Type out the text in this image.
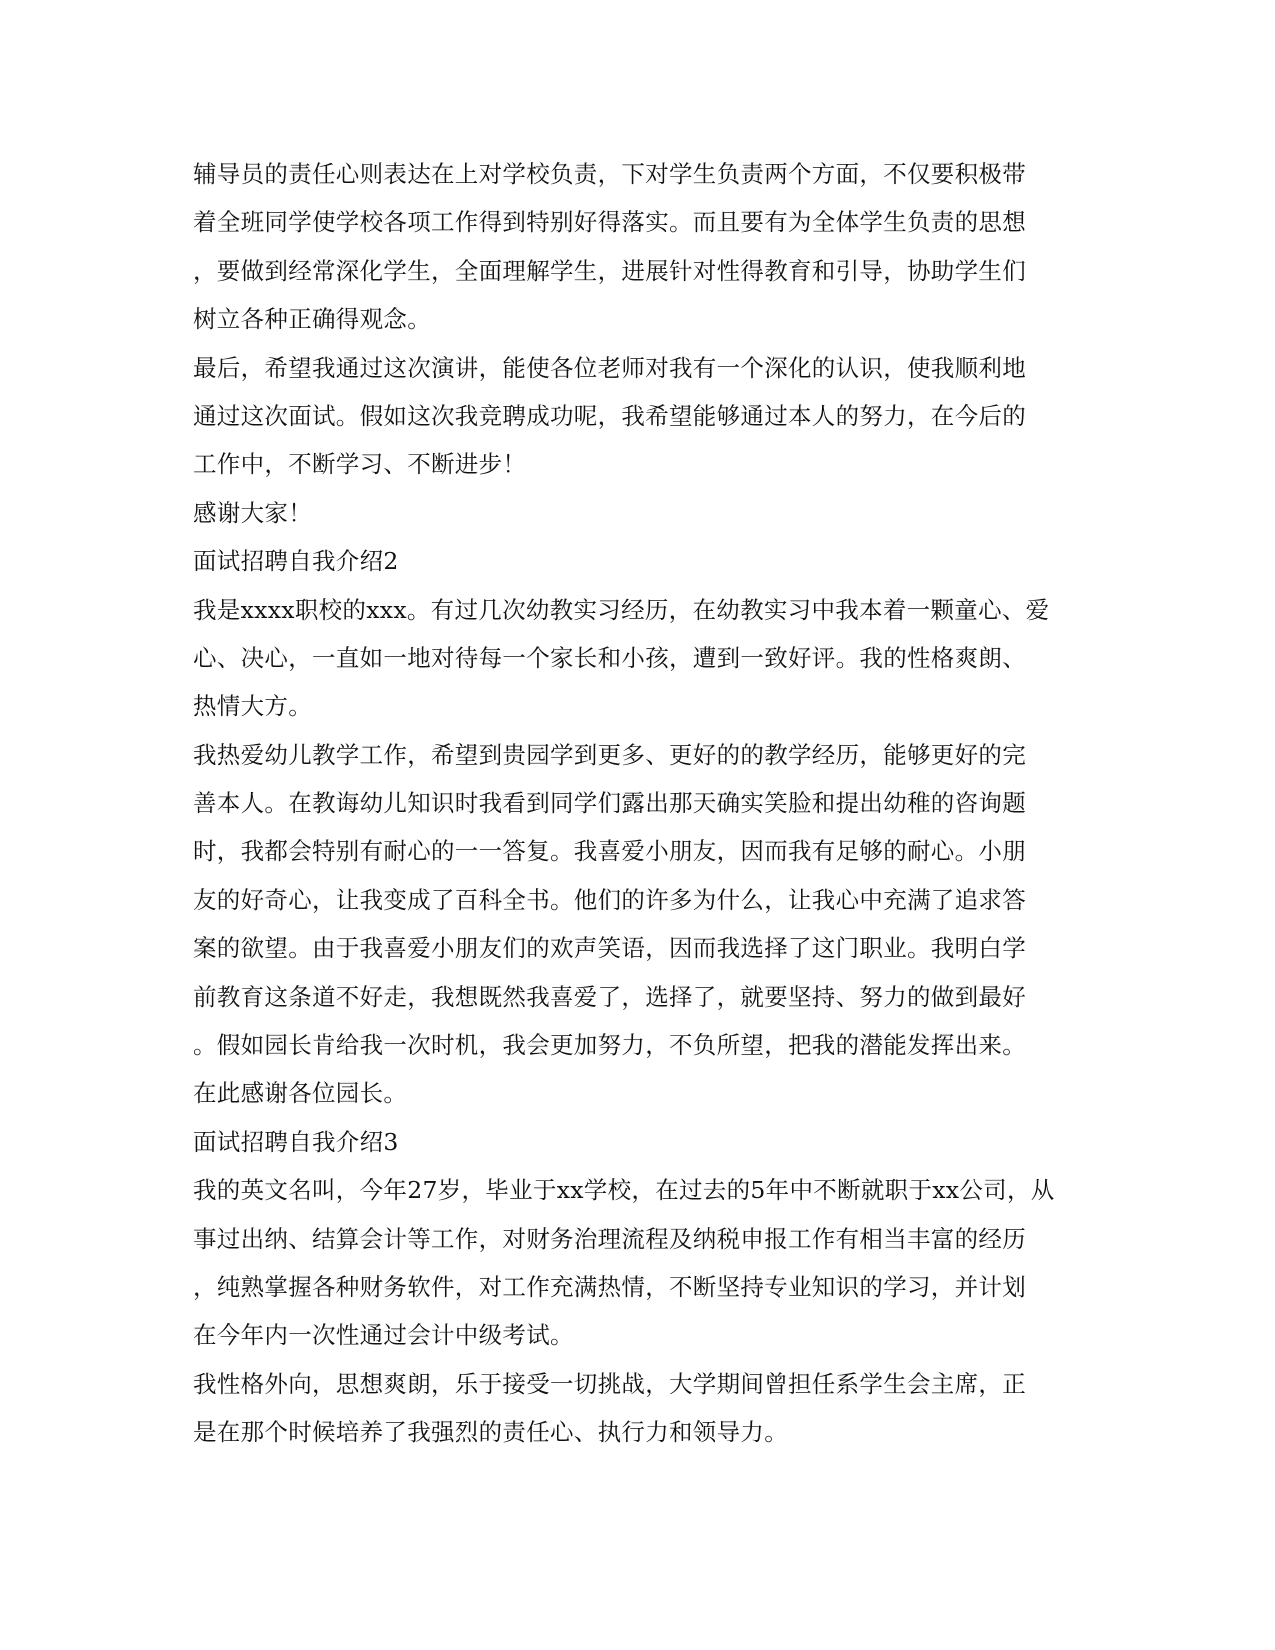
辅导员的责任心则表达在上对学校负责，下对学生负责两个方面，不仅要积极带
着全班同学使学校各项工作得到特别好得落实。而且要有为全体学生负责的思想
，要做到经常深化学生，全面理解学生，进展针对性得教育和引导，协助学生们
树立各种正确得观念。
最后，希望我通过这次演讲，能使各位老师对我有一个深化的认识，使我顺利地
通过这次面试。假如这次我竞聘成功呢，我希望能够通过本人的努力，在今后的
工作中，不断学习、不断进步！
感谢大家！
面试招聘自我介绍2
我是xxxx职校的xxx。有过几次幼教实习经历，在幼教实习中我本着一颗童心、爱
心、决心，一直如一地对待每一个家长和小孩，遭到一致好评。我的性格爽朗、
热情大方。
我热爱幼儿教学工作，希望到贵园学到更多、更好的的教学经历，能够更好的完
善本人。在教诲幼儿知识时我看到同学们露出那天确实笑脸和提出幼稚的咨询题
时，我都会特别有耐心的一一答复。我喜爱小朋友，因而我有足够的耐心。小朋
友的好奇心，让我变成了百科全书。他们的许多为什么，让我心中充满了追求答
案的欲望。由于我喜爱小朋友们的欢声笑语，因而我选择了这门职业。我明白学
前教育这条道不好走，我想既然我喜爱了，选择了，就要坚持、努力的做到最好
。假如园长肯给我一次时机，我会更加努力，不负所望，把我的潜能发挥出来。
在此感谢各位园长。
面试招聘自我介绍3
我的英文名叫，今年27岁，毕业于xx学校，在过去的5年中不断就职于xx公司，从
事过出纳、结算会计等工作，对财务治理流程及纳税申报工作有相当丰富的经历
，纯熟掌握各种财务软件，对工作充满热情，不断坚持专业知识的学习，并计划
在今年内一次性通过会计中级考试。
我性格外向，思想爽朗，乐于接受一切挑战，大学期间曾担任系学生会主席，正
是在那个时候培养了我强烈的责任心、执行力和领导力。
